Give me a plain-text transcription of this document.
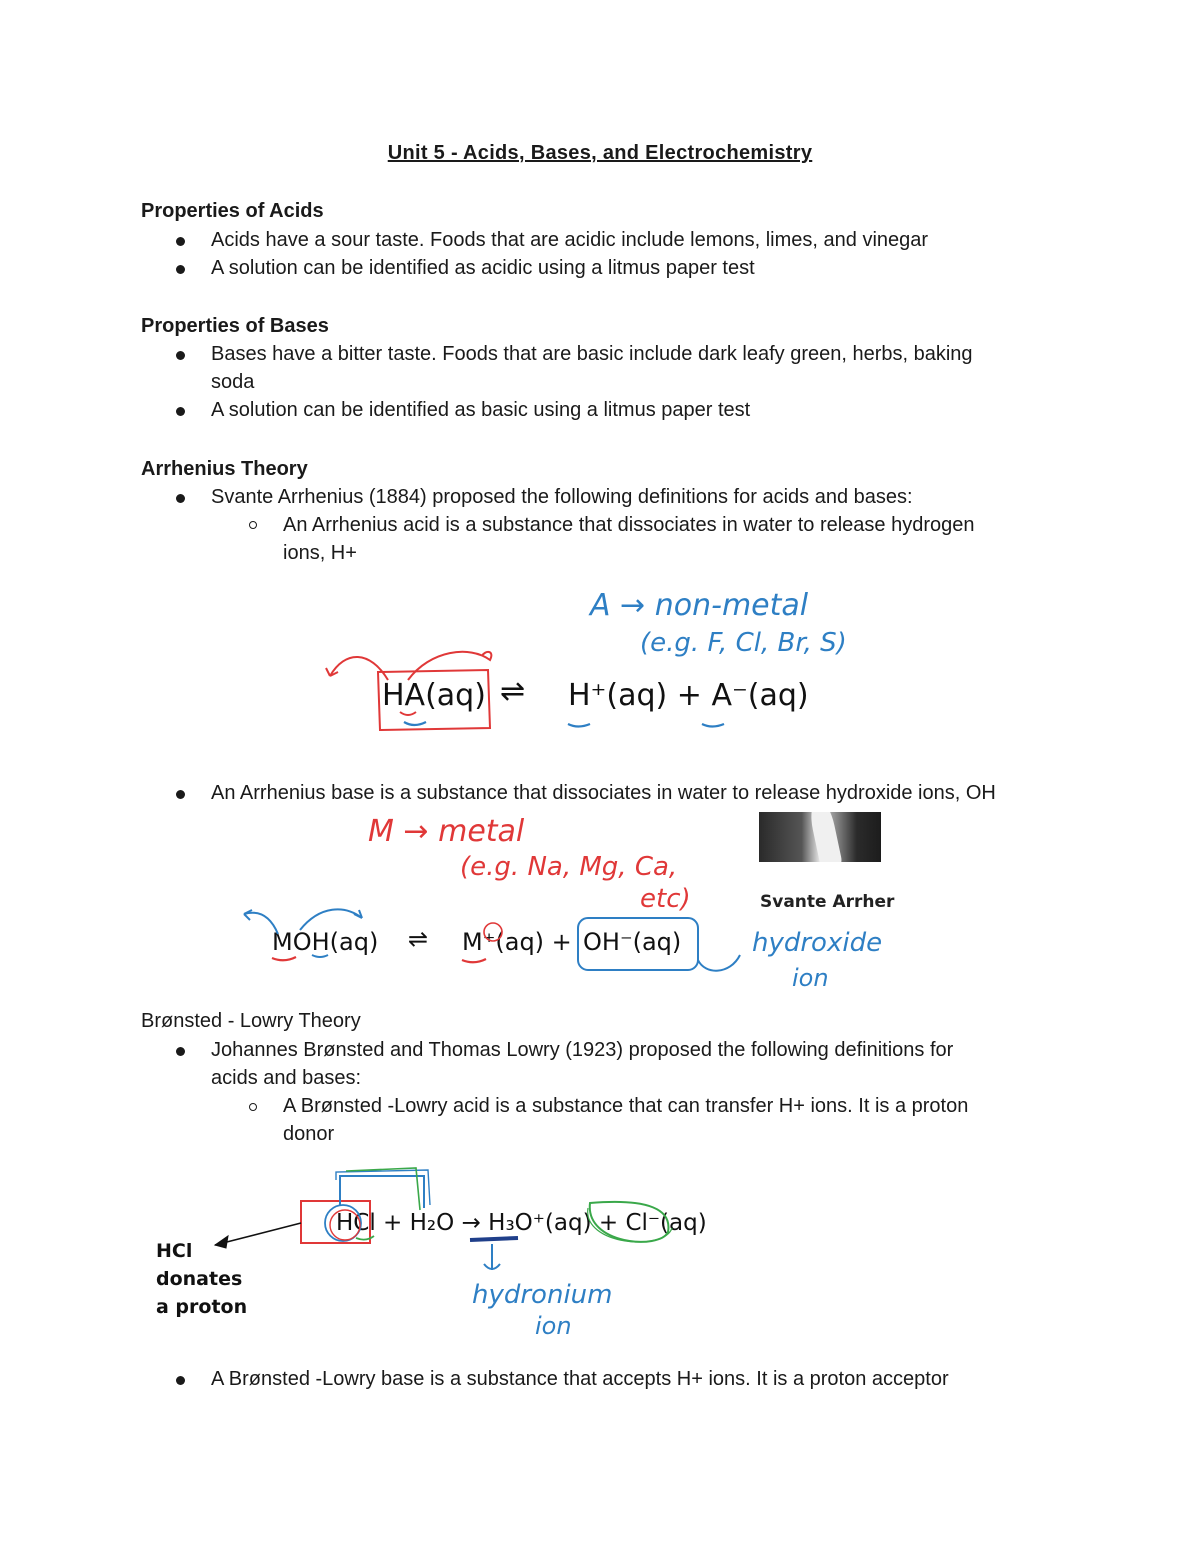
Unit 5 - Acids, Bases, and Electrochemistry
Properties of Acids
Acids have a sour taste. Foods that are acidic include lemons, limes, and vinegar
A solution can be identified as acidic using a litmus paper test
Properties of Bases
Bases have a bitter taste. Foods that are basic include dark leafy green, herbs, baking
soda
A solution can be identified as basic using a litmus paper test
Arrhenius Theory
Svante Arrhenius (1884) proposed the following definitions for acids and bases:
An Arrhenius acid is a substance that dissociates in water to release hydrogen
ions, H+
A → non-metal
(e.g. F, Cl, Br, S)
HA(aq) ⇌ H⁺(aq) + A⁻(aq)
An Arrhenius base is a substance that dissociates in water to release hydroxide ions, OH
M → metal
(e.g. Na, Mg, Ca,
etc)	Svante Arrher
MOH(aq) ⇌ M⁺(aq) + OH⁻(aq)	hydroxide
ion
Brønsted - Lowry Theory
Johannes Brønsted and Thomas Lowry (1923) proposed the following definitions for
acids and bases:
A Brønsted -Lowry acid is a substance that can transfer H+ ions. It is a proton
donor
HCl + H₂O → H₃O⁺(aq) + Cl⁻(aq)
HCl
donates
a proton	hydronium
ion
A Brønsted -Lowry base is a substance that accepts H+ ions. It is a proton acceptor
